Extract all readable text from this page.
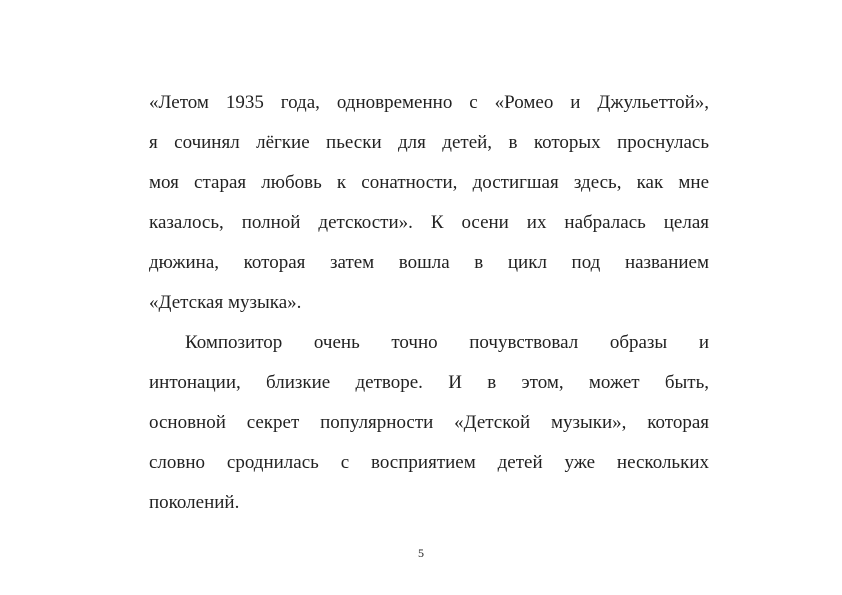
«Летом 1935 года, одновременно с «Ромео и Джульеттой»,
я сочинял лёгкие пьески для детей, в которых проснулась
моя старая любовь к сонатности, достигшая здесь, как мне
казалось, полной детскости». К осени их набралась целая
дюжина, которая затем вошла в цикл под названием
«Детская музыка».
Композитор очень точно почувствовал образы и
интонации, близкие детворе. И в этом, может быть,
основной секрет популярности «Детской музыки», которая
словно сроднилась с восприятием детей уже нескольких
поколений.
5
